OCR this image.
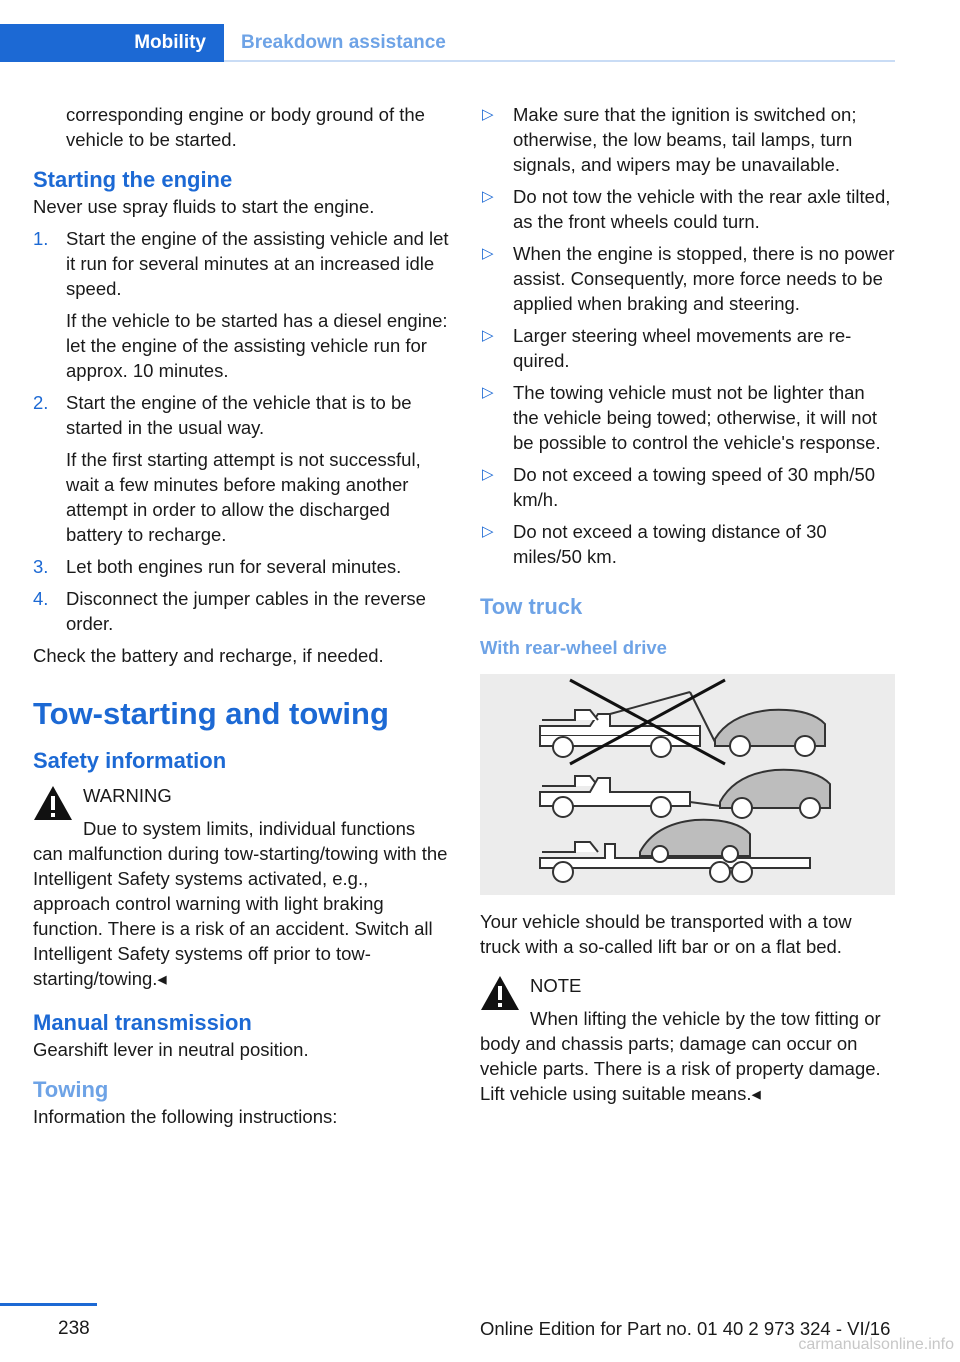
Mobility	Breakdown assistance

corresponding engine or body ground of the vehicle to be started.

Starting the engine

Never use spray fluids to start the engine.

1. Start the engine of the assisting vehicle and let it run for several minutes at an increased idle speed.

If the vehicle to be started has a diesel engine: let the engine of the assisting vehicle run for approx. 10 minutes.

2. Start the engine of the vehicle that is to be started in the usual way.

If the first starting attempt is not successful, wait a few minutes before making another attempt in order to allow the discharged battery to recharge.

3. Let both engines run for several minutes.

4. Disconnect the jumper cables in the reverse order.

Check the battery and recharge, if needed.

Tow-starting and towing
Safety information

WARNING

Due to system limits, individual functions can malfunction during tow-starting/towing with the Intelligent Safety systems activated, e.g., approach control warning with light braking function. There is a risk of an accident. Switch all Intelligent Safety systems off prior to tow-starting/towing.◂

Manual transmission

Gearshift lever in neutral position.

Towing

Information the following instructions:

▷ Make sure that the ignition is switched on; otherwise, the low beams, tail lamps, turn signals, and wipers may be unavailable.

▷ Do not tow the vehicle with the rear axle tilted, as the front wheels could turn.

▷ When the engine is stopped, there is no power assist. Consequently, more force needs to be applied when braking and steering.

▷ Larger steering wheel movements are required.

▷ The towing vehicle must not be lighter than the vehicle being towed; otherwise, it will not be possible to control the vehicle's response.

▷ Do not exceed a towing speed of 30 mph/50 km/h.

▷ Do not exceed a towing distance of 30 miles/50 km.

Tow truck
With rear-wheel drive

Your vehicle should be transported with a tow truck with a so-called lift bar or on a flat bed.

NOTE

When lifting the vehicle by the tow fitting or body and chassis parts; damage can occur on vehicle parts. There is a risk of property damage. Lift vehicle using suitable means.◂

238	Online Edition for Part no. 01 40 2 973 324 - VI/16
carmanualsonline.info
